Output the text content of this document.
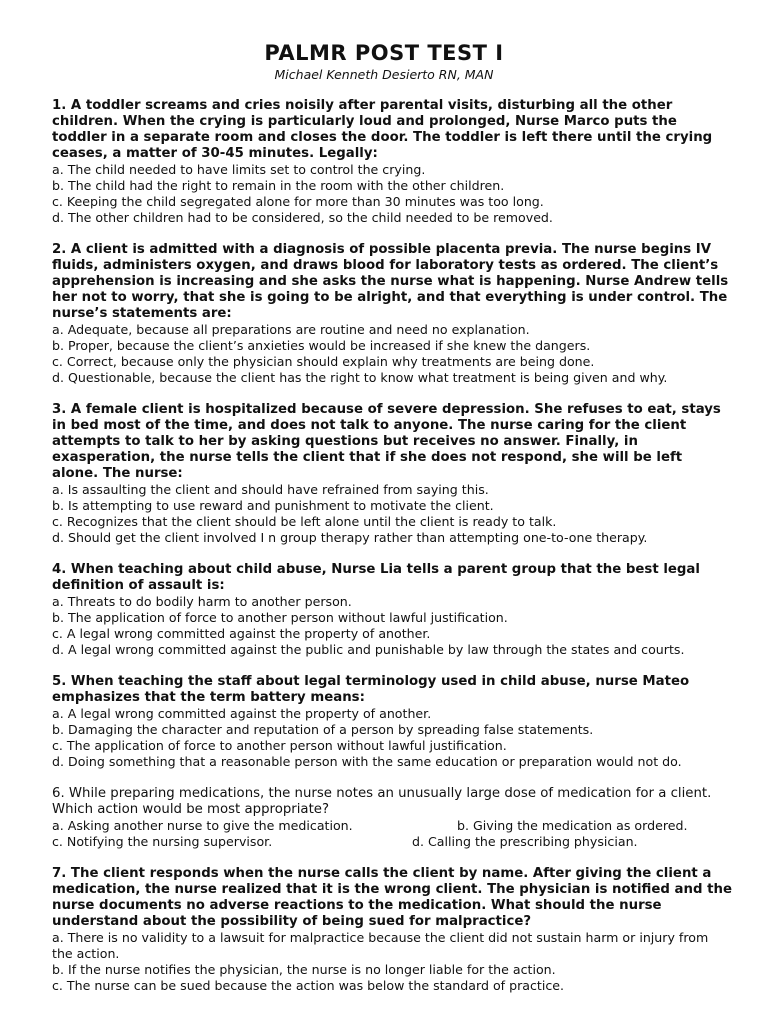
PALMR POST TEST I

Michael Kenneth Desierto RN, MAN

1. A toddler screams and cries noisily after parental visits, disturbing all the other children. When the crying is particularly loud and prolonged, Nurse Marco puts the toddler in a separate room and closes the door. The toddler is left there until the crying ceases, a matter of 30-45 minutes. Legally:

a. The child needed to have limits set to control the crying.

b. The child had the right to remain in the room with the other children.

c. Keeping the child segregated alone for more than 30 minutes was too long.

d. The other children had to be considered, so the child needed to be removed.

2. A client is admitted with a diagnosis of possible placenta previa. The nurse begins IV fluids, administers oxygen, and draws blood for laboratory tests as ordered. The client’s apprehension is increasing and she asks the nurse what is happening. Nurse Andrew tells her not to worry, that she is going to be alright, and that everything is under control. The nurse’s statements are:

a. Adequate, because all preparations are routine and need no explanation.

b. Proper, because the client’s anxieties would be increased if she knew the dangers.

c. Correct, because only the physician should explain why treatments are being done.

d. Questionable, because the client has the right to know what treatment is being given and why.

3. A female client is hospitalized because of severe depression. She refuses to eat, stays in bed most of the time, and does not talk to anyone. The nurse caring for the client attempts to talk to her by asking questions but receives no answer. Finally, in exasperation, the nurse tells the client that if she does not respond, she will be left alone. The nurse:

a. Is assaulting the client and should have refrained from saying this.

b. Is attempting to use reward and punishment to motivate the client.

c. Recognizes that the client should be left alone until the client is ready to talk.

d. Should get the client involved I n group therapy rather than attempting one-to-one therapy.

4. When teaching about child abuse, Nurse Lia tells a parent group that the best legal definition of assault is:

a. Threats to do bodily harm to another person.

b. The application of force to another person without lawful justification.

c. A legal wrong committed against the property of another.

d. A legal wrong committed against the public and punishable by law through the states and courts.

5. When teaching the staff about legal terminology used in child abuse, nurse Mateo emphasizes that the term battery means:

a. A legal wrong committed against the property of another.

b. Damaging the character and reputation of a person by spreading false statements.

c. The application of force to another person without lawful justification.

d. Doing something that a reasonable person with the same education or preparation would not do.

6. While preparing medications, the nurse notes an unusually large dose of medication for a client. Which action would be most appropriate?

a. Asking another nurse to give the medication.	b. Giving the medication as ordered.
c. Notifying the nursing supervisor.	d. Calling the prescribing physician.

7. The client responds when the nurse calls the client by name. After giving the client a medication, the nurse realized that it is the wrong client. The physician is notified and the nurse documents no adverse reactions to the medication. What should the nurse understand about the possibility of being sued for malpractice?

a. There is no validity to a lawsuit for malpractice because the client did not sustain harm or injury from the action.

b. If the nurse notifies the physician, the nurse is no longer liable for the action.

c. The nurse can be sued because the action was below the standard of practice.
